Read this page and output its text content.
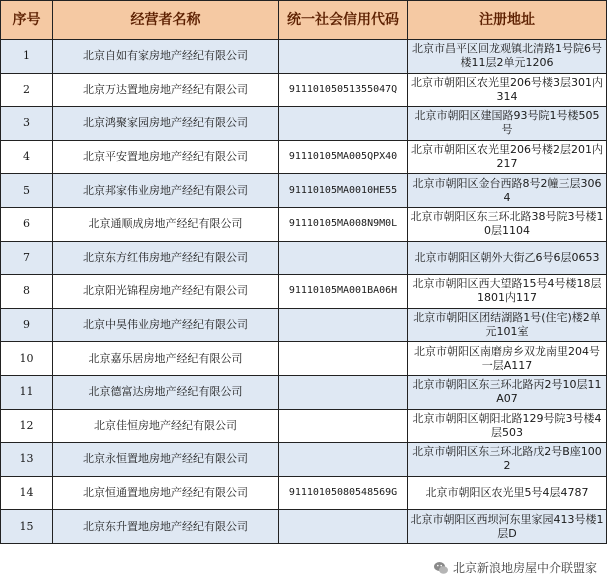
序号	经营者名称	统一社会信用代码	注册地址
1	北京自如有家房地产经纪有限公司		北京市昌平区回龙观镇北清路1号院6号楼11层2单元1206
2	北京万达置地房地产经纪有限公司	91110105051355047Q	北京市朝阳区农光里206号楼3层301内314
3	北京鸿聚家园房地产经纪有限公司		北京市朝阳区建国路93号院1号楼505号
4	北京平安置地房地产经纪有限公司	91110105MA005QPX40	北京市朝阳区农光里206号楼2层201内217
5	北京邦家伟业房地产经纪有限公司	91110105MA0010HE55	北京市朝阳区金台西路8号2幢三层3064
6	北京通顺成房地产经纪有限公司	91110105MA008N9M0L	北京市朝阳区东三环北路38号院3号楼10层1104
7	北京东方红伟房地产经纪有限公司		北京市朝阳区朝外大街乙6号6层0653
8	北京阳光锦程房地产经纪有限公司	91110105MA001BA06H	北京市朝阳区西大望路15号4号楼18层1801内117
9	北京中昊伟业房地产经纪有限公司		北京市朝阳区团结湖路1号(住宅)楼2单元101室
10	北京嘉乐居房地产经纪有限公司		北京市朝阳区南磨房乡双龙南里204号一层A117
11	北京德富达房地产经纪有限公司		北京市朝阳区东三环北路丙2号10层11A07
12	北京佳恒房地产经纪有限公司		北京市朝阳区朝阳北路129号院3号楼4层503
13	北京永恒置地房地产经纪有限公司		北京市朝阳区东三环北路戊2号B座1002
14	北京恒通置地房地产经纪有限公司	91110105080548569G	北京市朝阳区农光里5号4层4787
15	北京东升置地房地产经纪有限公司		北京市朝阳区西坝河东里家园413号楼1层D
北京新浪地房屋中介联盟家
